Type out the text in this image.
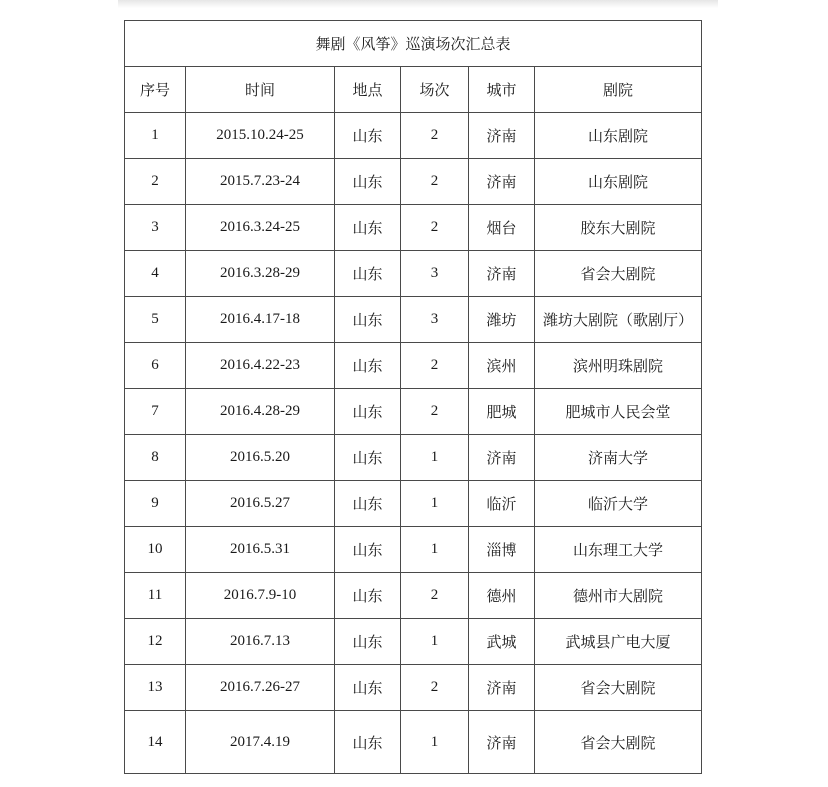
舞剧《风筝》巡演场次汇总表					
序号	时间	地点	场次	城市	剧院
1	2015.10.24-25	山东	2	济南	山东剧院
2	2015.7.23-24	山东	2	济南	山东剧院
3	2016.3.24-25	山东	2	烟台	胶东大剧院
4	2016.3.28-29	山东	3	济南	省会大剧院
5	2016.4.17-18	山东	3	潍坊	潍坊大剧院（歌剧厅）
6	2016.4.22-23	山东	2	滨州	滨州明珠剧院
7	2016.4.28-29	山东	2	肥城	肥城市人民会堂
8	2016.5.20	山东	1	济南	济南大学
9	2016.5.27	山东	1	临沂	临沂大学
10	2016.5.31	山东	1	淄博	山东理工大学
11	2016.7.9-10	山东	2	德州	德州市大剧院
12	2016.7.13	山东	1	武城	武城县广电大厦
13	2016.7.26-27	山东	2	济南	省会大剧院
14	2017.4.19	山东	1	济南	省会大剧院
